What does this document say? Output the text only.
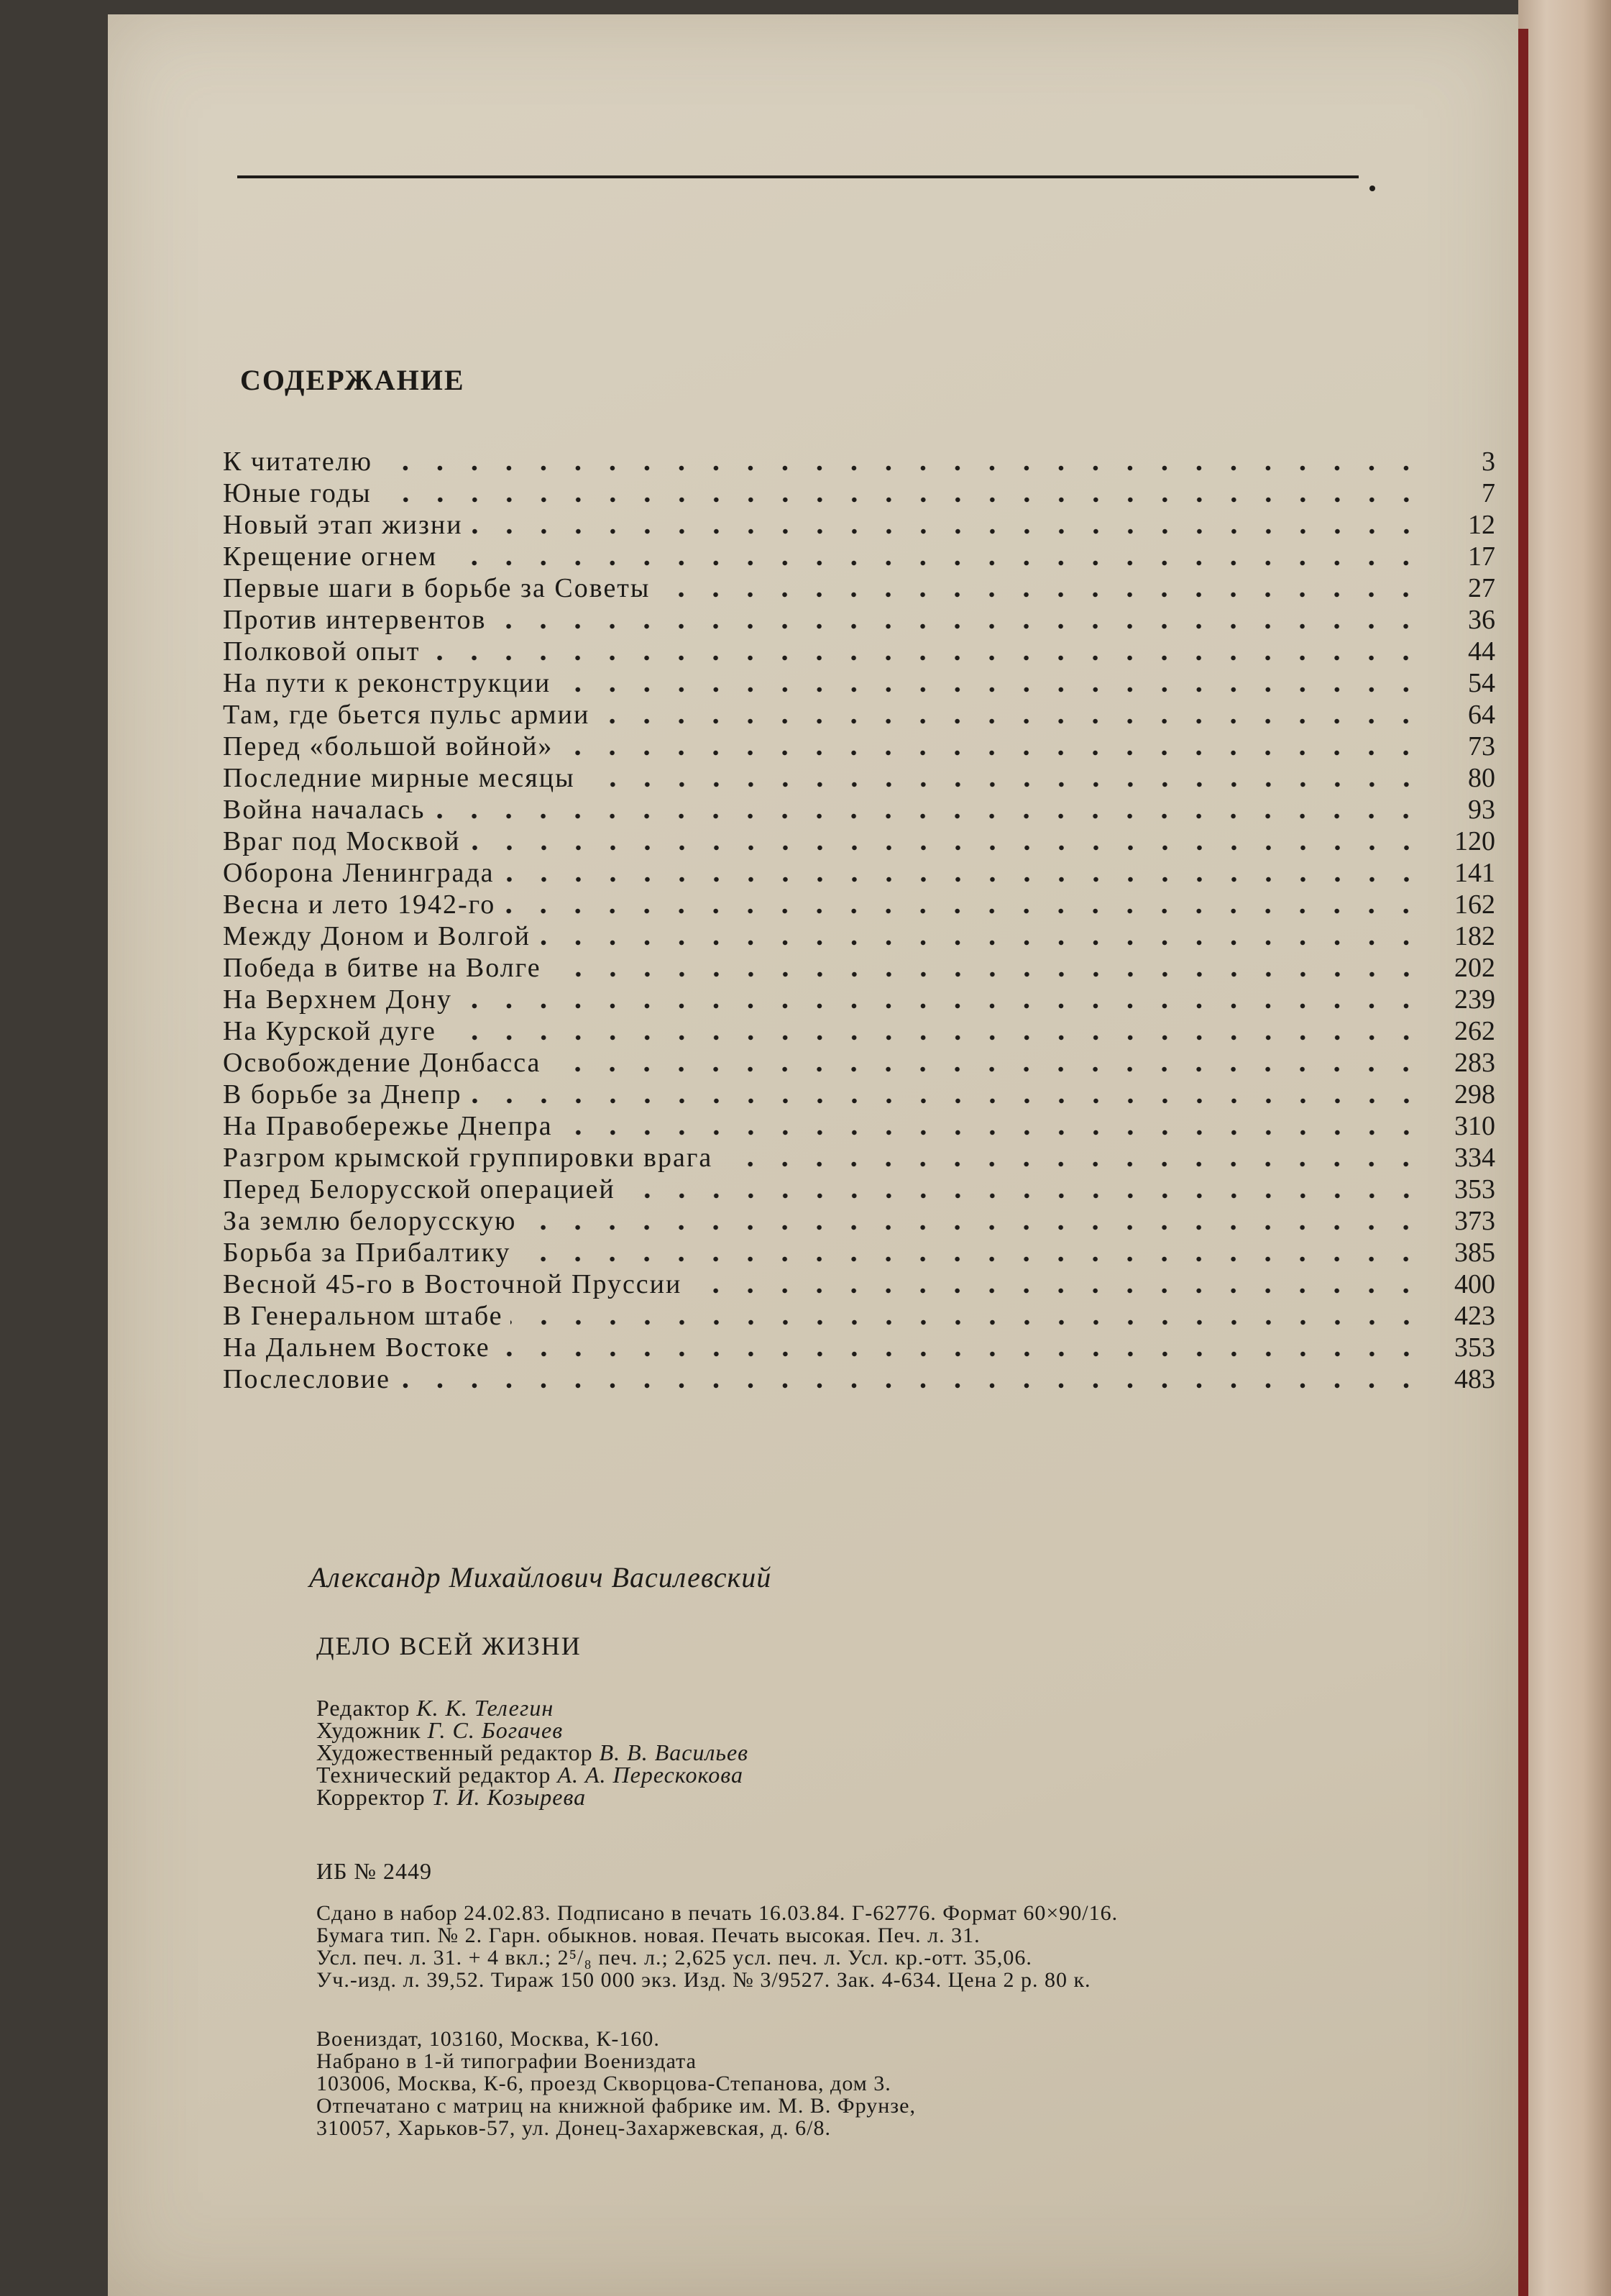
СОДЕРЖАНИЕ
К читателю	3
Юные годы	7
Новый этап жизни	12
Крещение огнем	17
Первые шаги в борьбе за Советы	27
Против интервентов	36
Полковой опыт	44
На пути к реконструкции	54
Там, где бьется пульс армии	64
Перед «большой войной»	73
Последние мирные месяцы	80
Война началась	93
Враг под Москвой	120
Оборона Ленинграда	141
Весна и лето 1942-го	162
Между Доном и Волгой	182
Победа в битве на Волге	202
На Верхнем Дону	239
На Курской дуге	262
Освобождение Донбасса	283
В борьбе за Днепр	298
На Правобережье Днепра	310
Разгром крымской группировки врага	334
Перед Белорусской операцией	353
За землю белорусскую	373
Борьба за Прибалтику	385
Весной 45-го в Восточной Пруссии	400
В Генеральном штабе	423
На Дальнем Востоке	353
Послесловие	483
Александр Михайлович Василевский
ДЕЛО ВСЕЙ ЖИЗНИ
Редактор К. К. Телегин
Художник Г. С. Богачев
Художественный редактор В. В. Васильев
Технический редактор А. А. Перескокова
Корректор Т. И. Козырева
ИБ № 2449
Сдано в набор 24.02.83. Подписано в печать 16.03.84. Г-62776. Формат 60×90/16.
Бумага тип. № 2. Гарн. обыкнов. новая. Печать высокая. Печ. л. 31.
Усл. печ. л. 31. + 4 вкл.; 2⁵/₈ печ. л.; 2,625 усл. печ. л. Усл. кр.-отт. 35,06.
Уч.-изд. л. 39,52. Тираж 150 000 экз. Изд. № 3/9527. Зак. 4-634. Цена 2 р. 80 к.
Воениздат, 103160, Москва, К-160.
Набрано в 1-й типографии Воениздата
103006, Москва, К-6, проезд Скворцова-Степанова, дом 3.
Отпечатано с матриц на книжной фабрике им. М. В. Фрунзе,
310057, Харьков-57, ул. Донец-Захаржевская, д. 6/8.
